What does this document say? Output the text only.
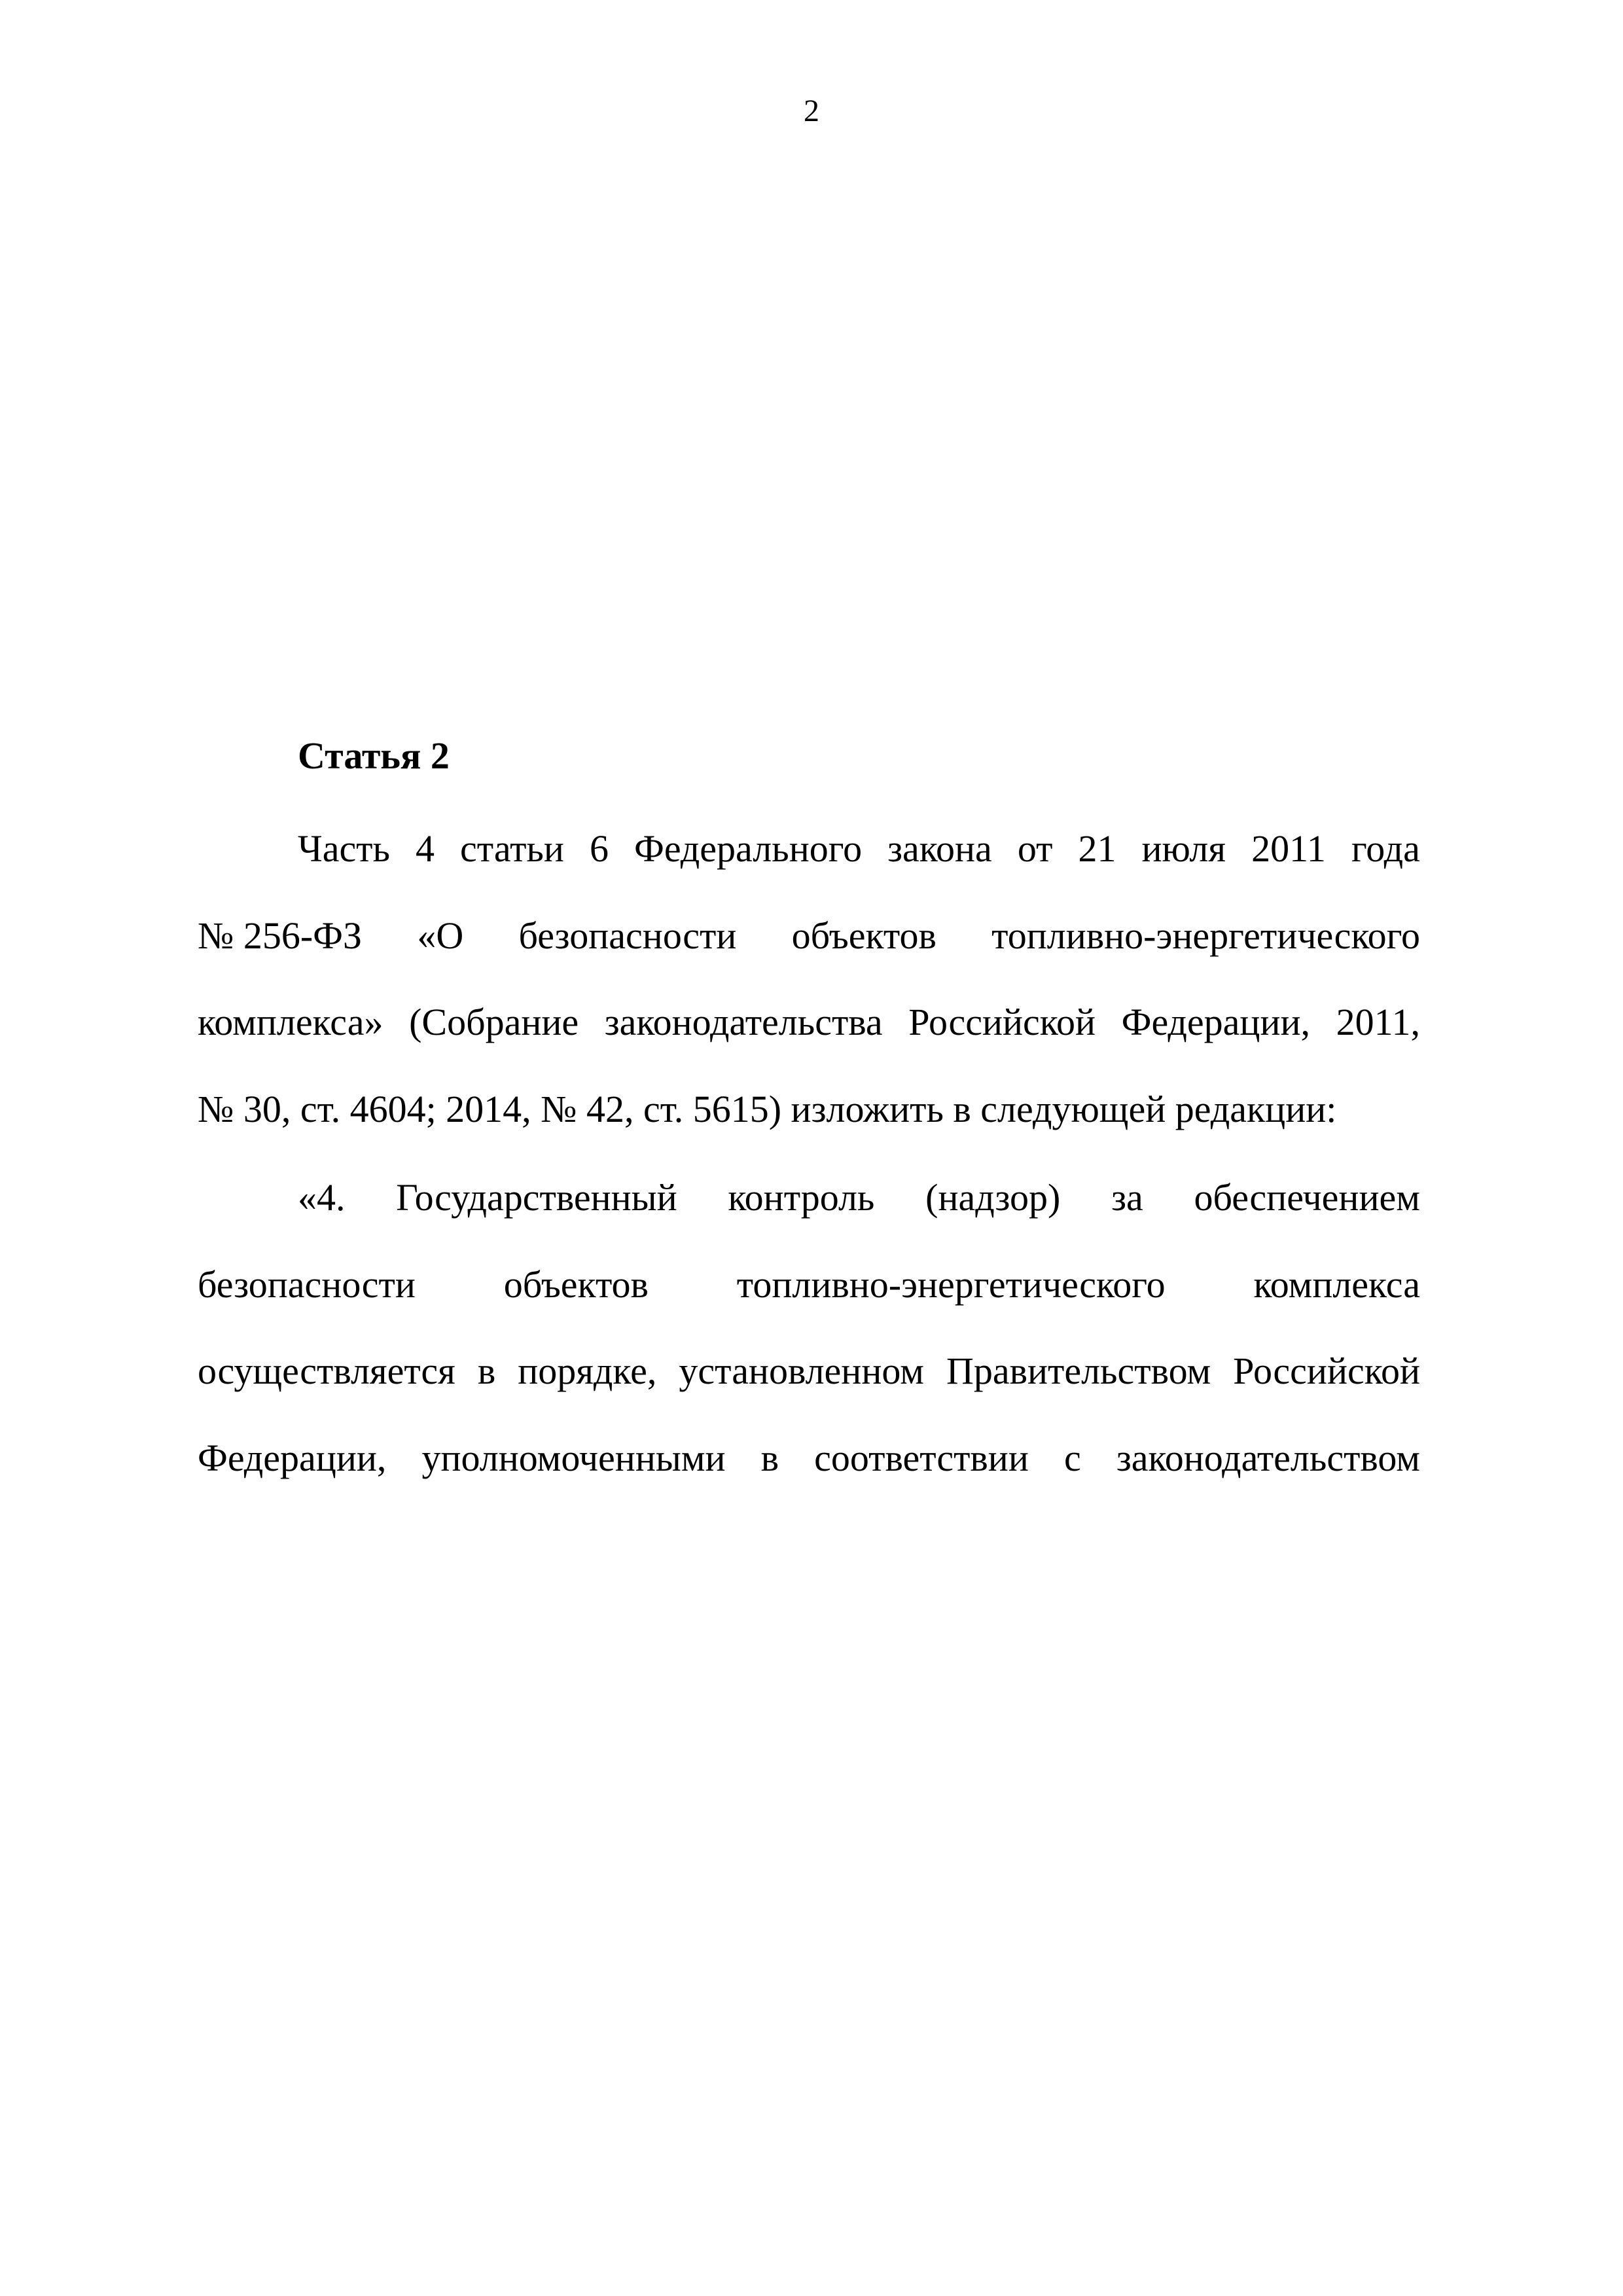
2
Статья 2
Часть 4 статьи 6 Федерального закона от 21 июля 2011 года
№ 256-ФЗ «О безопасности объектов топливно-энергетического
комплекса» (Собрание законодательства Российской Федерации, 2011,
№ 30, ст. 4604; 2014, № 42, ст. 5615) изложить в следующей редакции:
«4. Государственный контроль (надзор) за обеспечением
безопасности объектов топливно-энергетического комплекса
осуществляется в порядке, установленном Правительством Российской
Федерации, уполномоченными в соответствии с законодательством
